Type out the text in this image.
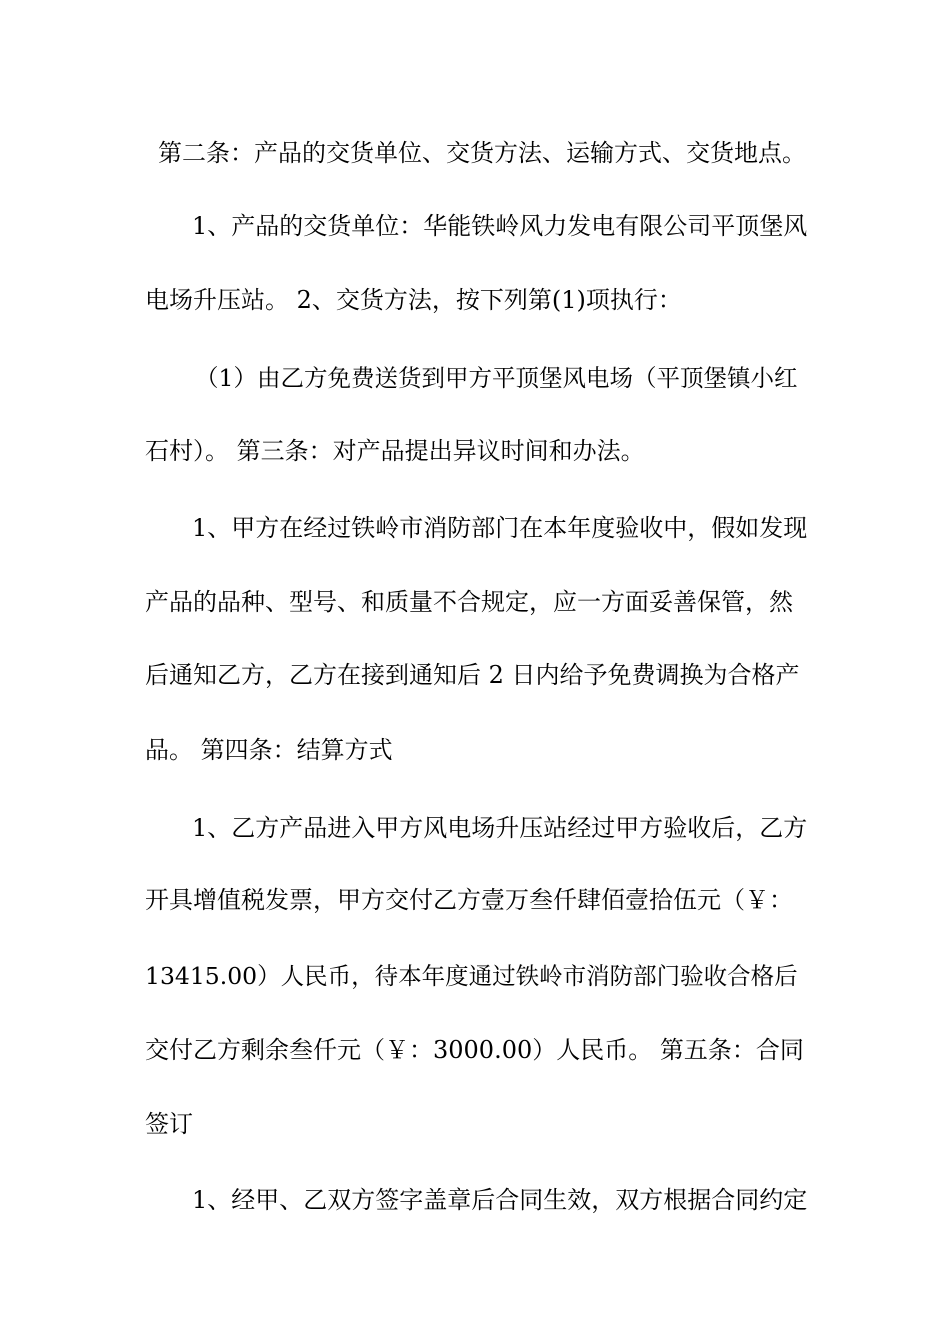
第二条：产品的交货单位、交货方法、运输方式、交货地点。

1、产品的交货单位：华能铁岭风力发电有限公司平顶堡风

电场升压站。 2、交货方法，按下列第(1)项执行：

（1）由乙方免费送货到甲方平顶堡风电场（平顶堡镇小红

石村）。 第三条：对产品提出异议时间和办法。

1、甲方在经过铁岭市消防部门在本年度验收中，假如发现

产品的品种、型号、和质量不合规定，应一方面妥善保管，然

后通知乙方，乙方在接到通知后 2 日内给予免费调换为合格产

品。 第四条：结算方式

1、乙方产品进入甲方风电场升压站经过甲方验收后，乙方

开具增值税发票，甲方交付乙方壹万叁仟肆佰壹拾伍元（￥：

13415.00）人民币，待本年度通过铁岭市消防部门验收合格后

交付乙方剩余叁仟元（￥：3000.00）人民币。 第五条：合同

签订

1、经甲、乙双方签字盖章后合同生效，双方根据合同约定
